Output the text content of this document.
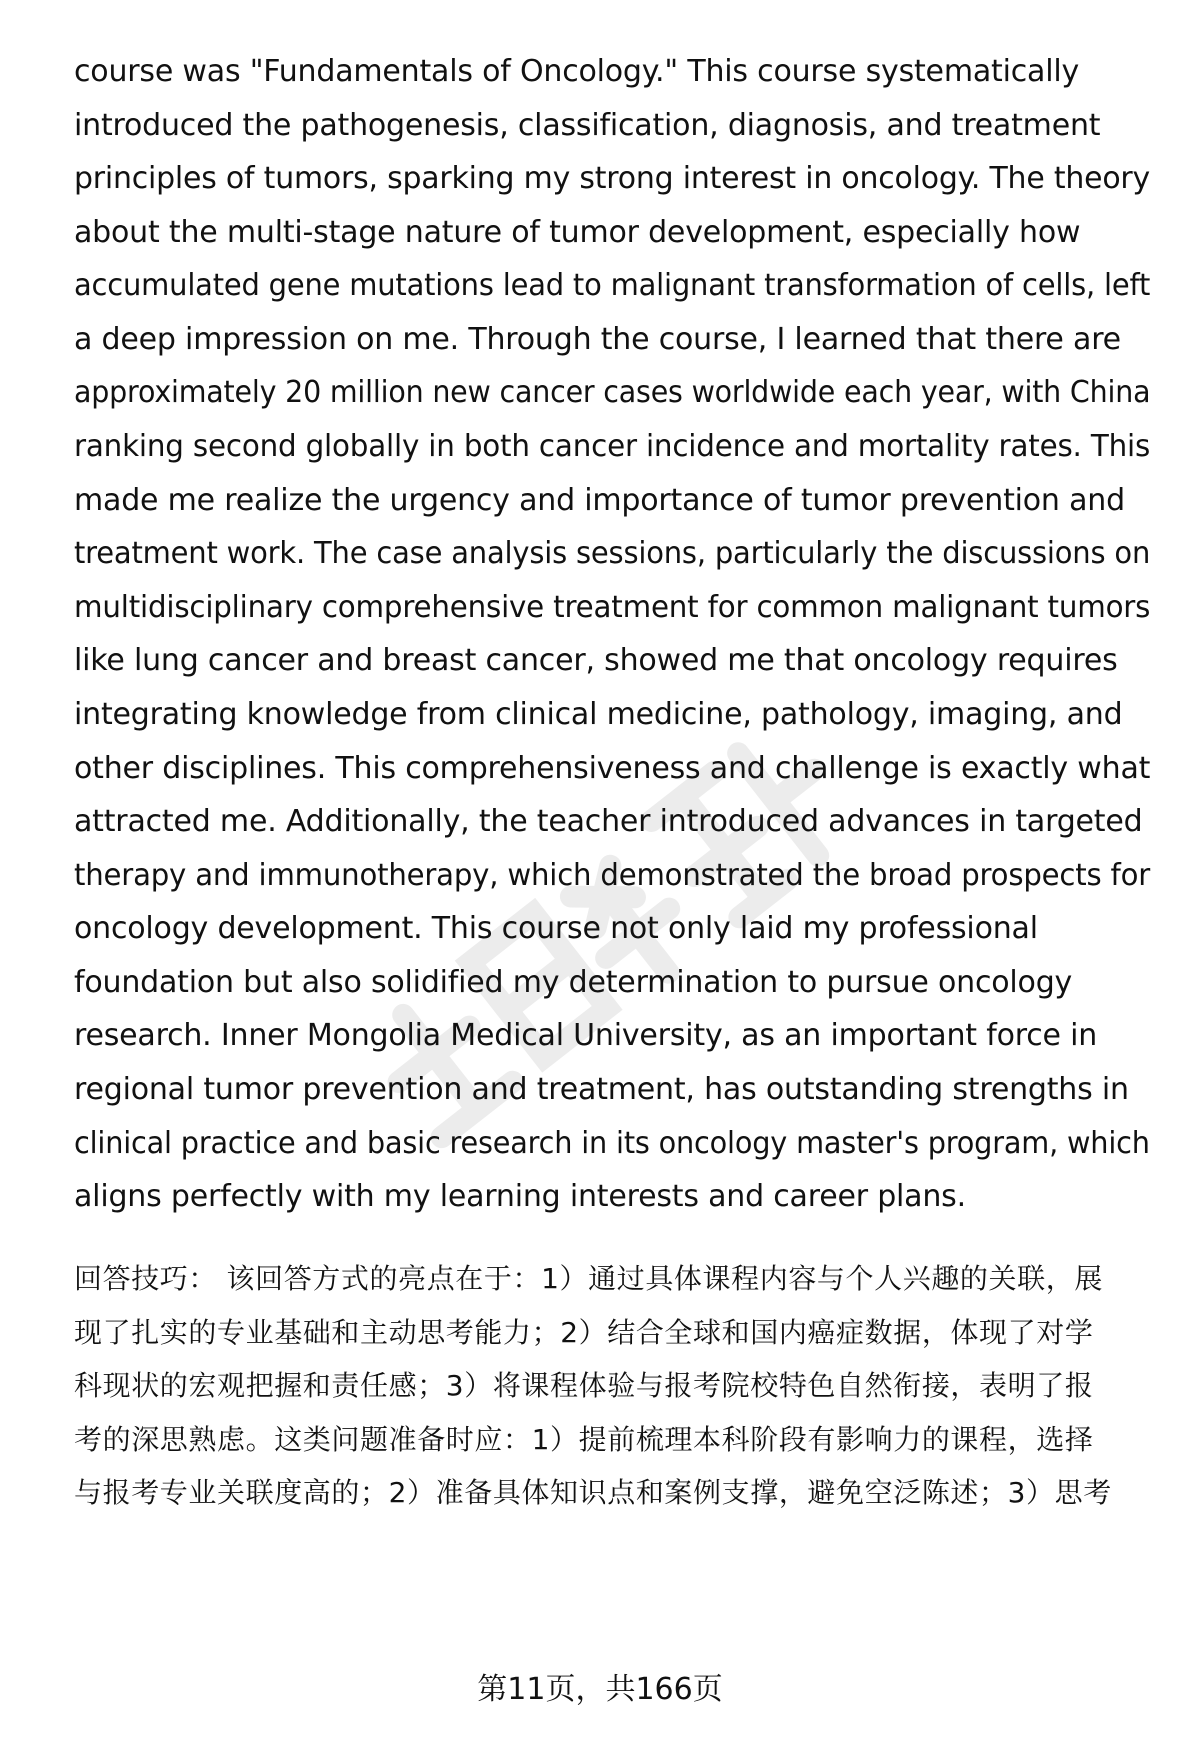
course was "Fundamentals of Oncology." This course systematically
introduced the pathogenesis, classification, diagnosis, and treatment
principles of tumors, sparking my strong interest in oncology. The theory
about the multi-stage nature of tumor development, especially how
accumulated gene mutations lead to malignant transformation of cells, left
a deep impression on me. Through the course, I learned that there are
approximately 20 million new cancer cases worldwide each year, with China
ranking second globally in both cancer incidence and mortality rates. This
made me realize the urgency and importance of tumor prevention and
treatment work. The case analysis sessions, particularly the discussions on
multidisciplinary comprehensive treatment for common malignant tumors
like lung cancer and breast cancer, showed me that oncology requires
integrating knowledge from clinical medicine, pathology, imaging, and
other disciplines. This comprehensiveness and challenge is exactly what
attracted me. Additionally, the teacher introduced advances in targeted
therapy and immunotherapy, which demonstrated the broad prospects for
oncology development. This course not only laid my professional
foundation but also solidified my determination to pursue oncology
research. Inner Mongolia Medical University, as an important force in
regional tumor prevention and treatment, has outstanding strengths in
clinical practice and basic research in its oncology master's program, which
aligns perfectly with my learning interests and career plans.
回答技巧： 该回答方式的亮点在于：1）通过具体课程内容与个人兴趣的关联，展
现了扎实的专业基础和主动思考能力；2）结合全球和国内癌症数据，体现了对学
科现状的宏观把握和责任感；3）将课程体验与报考院校特色自然衔接，表明了报
考的深思熟虑。这类问题准备时应：1）提前梳理本科阶段有影响力的课程，选择
与报考专业关联度高的；2）准备具体知识点和案例支撑，避免空泛陈述；3）思考
第11页，共166页
